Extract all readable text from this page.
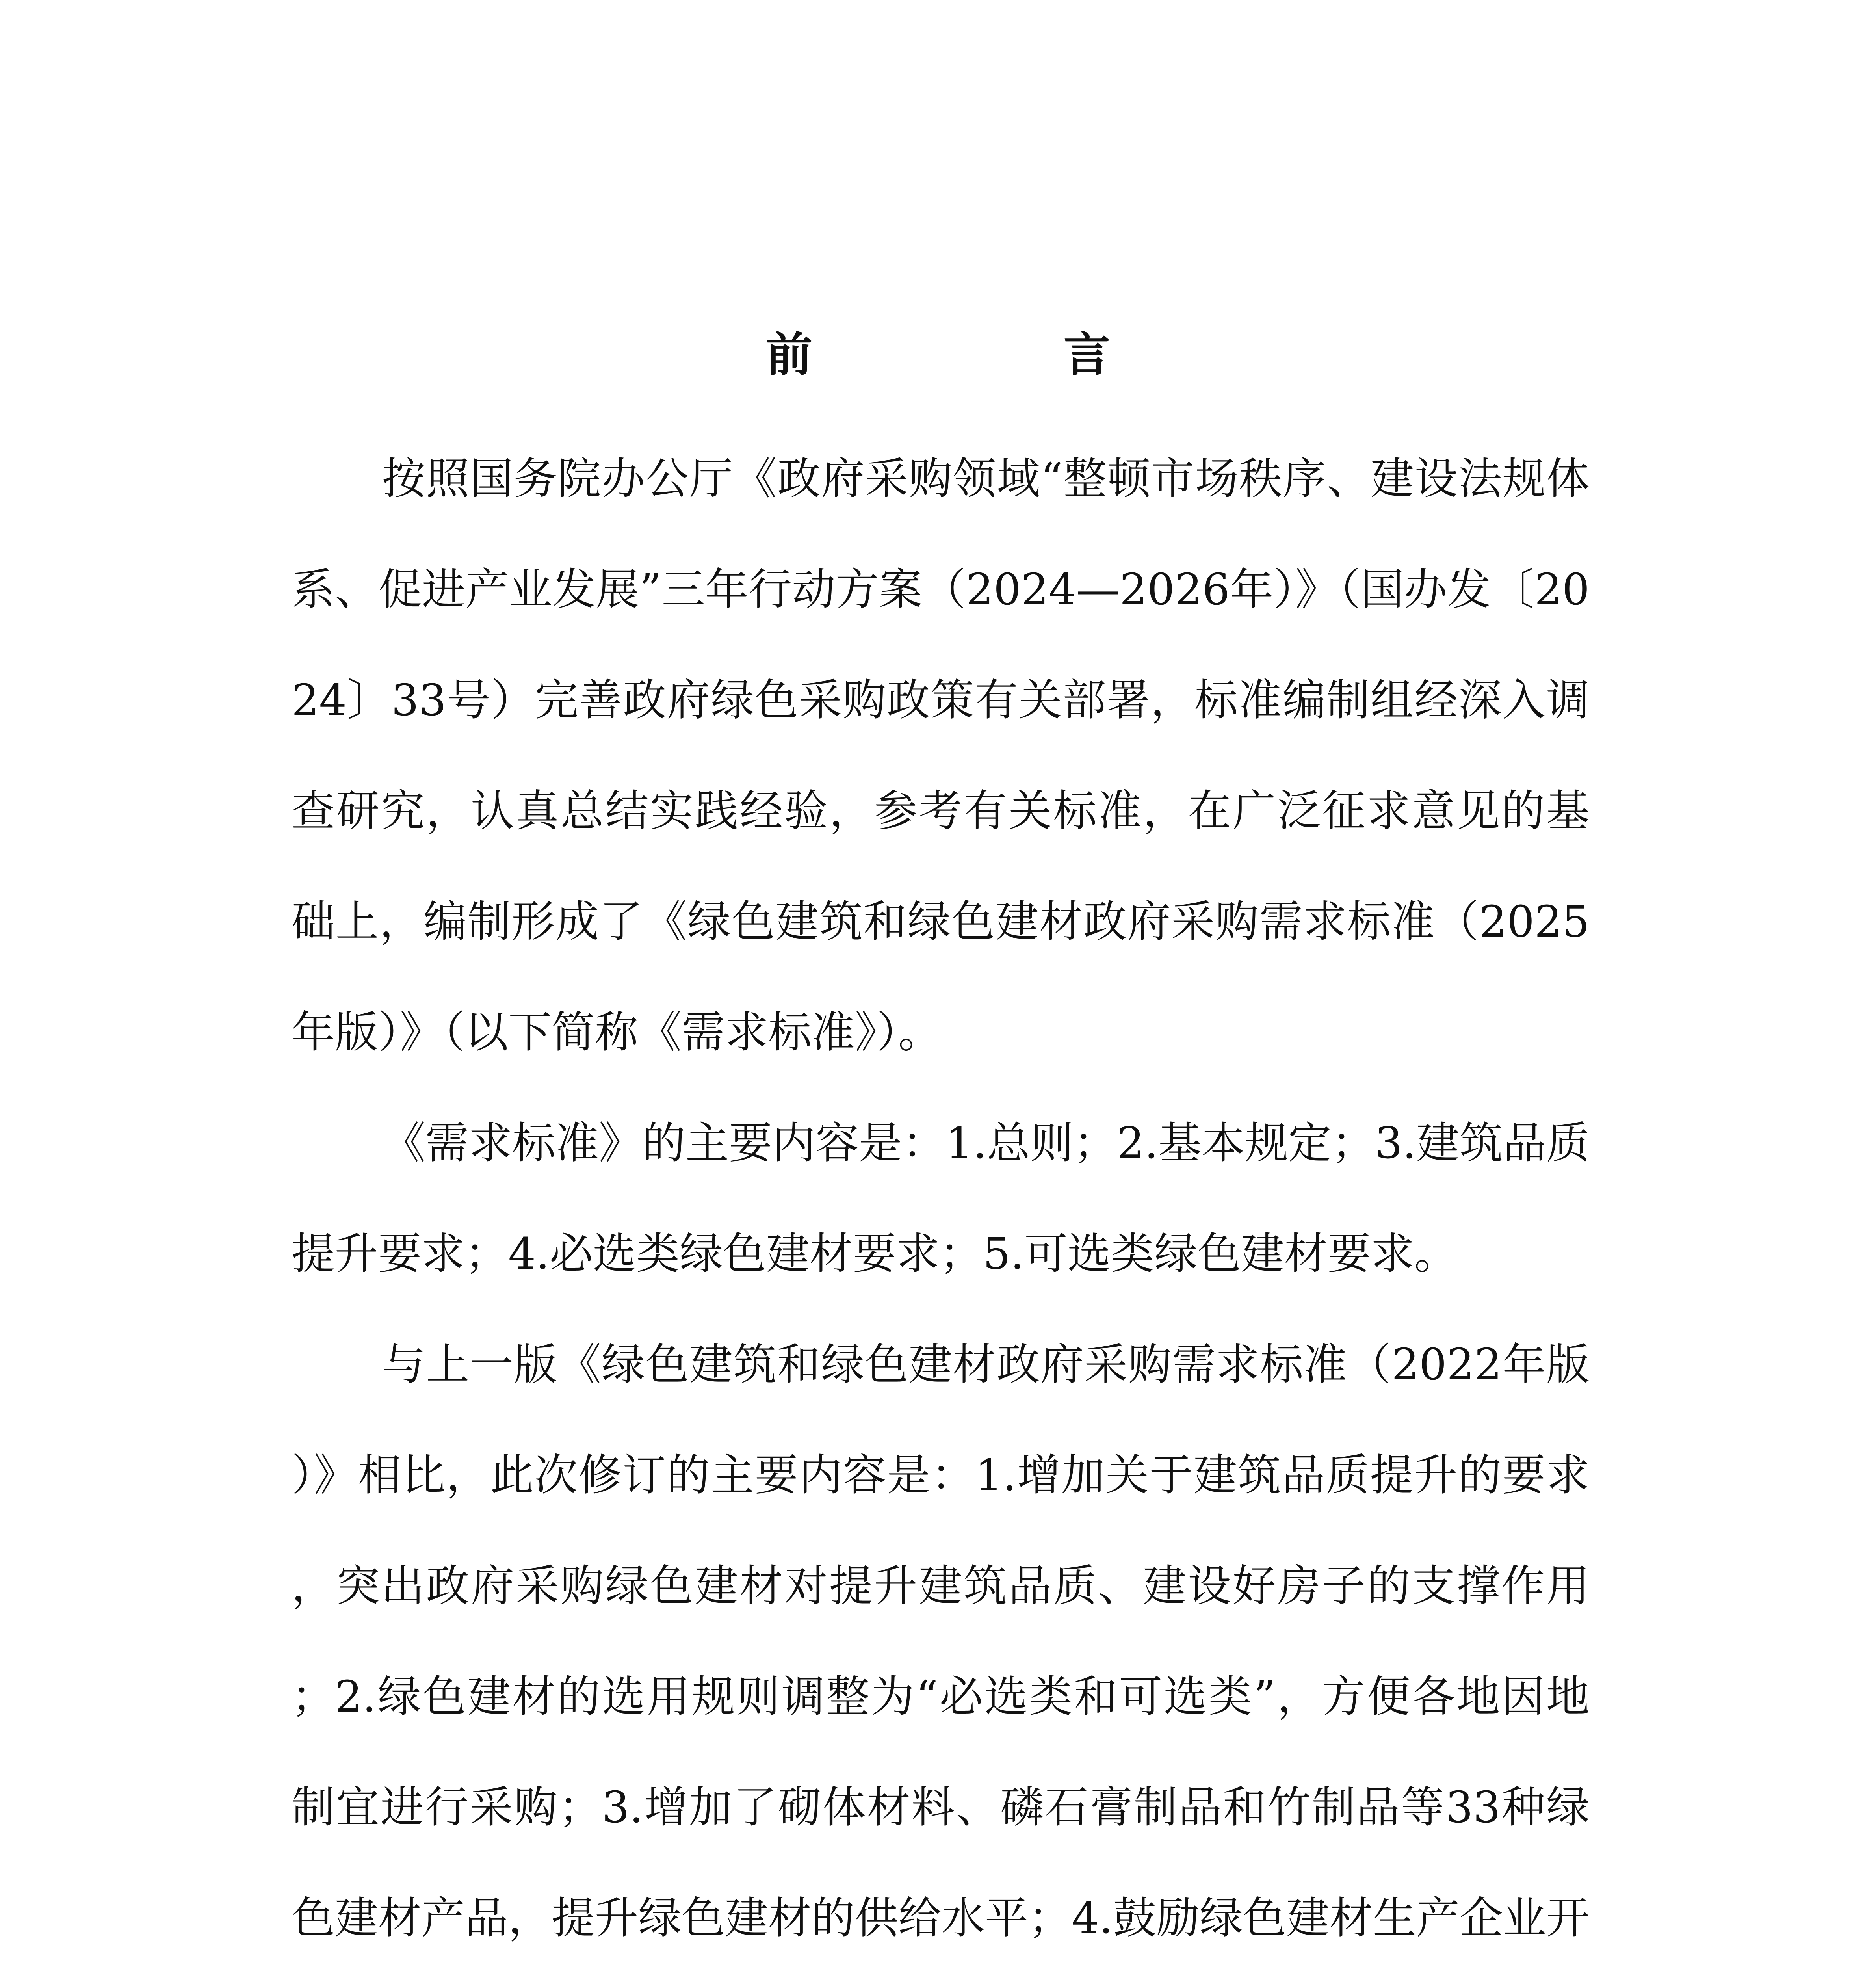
前　言

按照国务院办公厅《政府采购领域“整顿市场秩序、建设法规体系、促进产业发展”三年行动方案（2024—2026年）》（国办发〔2024〕33号）完善政府绿色采购政策有关部署，标准编制组经深入调查研究，认真总结实践经验，参考有关标准，在广泛征求意见的基础上，编制形成了《绿色建筑和绿色建材政府采购需求标准（2025年版）》（以下简称《需求标准》）。

《需求标准》的主要内容是：1.总则；2.基本规定；3.建筑品质提升要求；4.必选类绿色建材要求；5.可选类绿色建材要求。

与上一版《绿色建筑和绿色建材政府采购需求标准（2022年版）》相比，此次修订的主要内容是：1.增加关于建筑品质提升的要求，突出政府采购绿色建材对提升建筑品质、建设好房子的支撑作用；2.绿色建材的选用规则调整为“必选类和可选类”，方便各地因地制宜进行采购；3.增加了砌体材料、磷石膏制品和竹制品等33种绿色建材产品，提升绿色建材的供给水平；4.鼓励绿色建材生产企业开
